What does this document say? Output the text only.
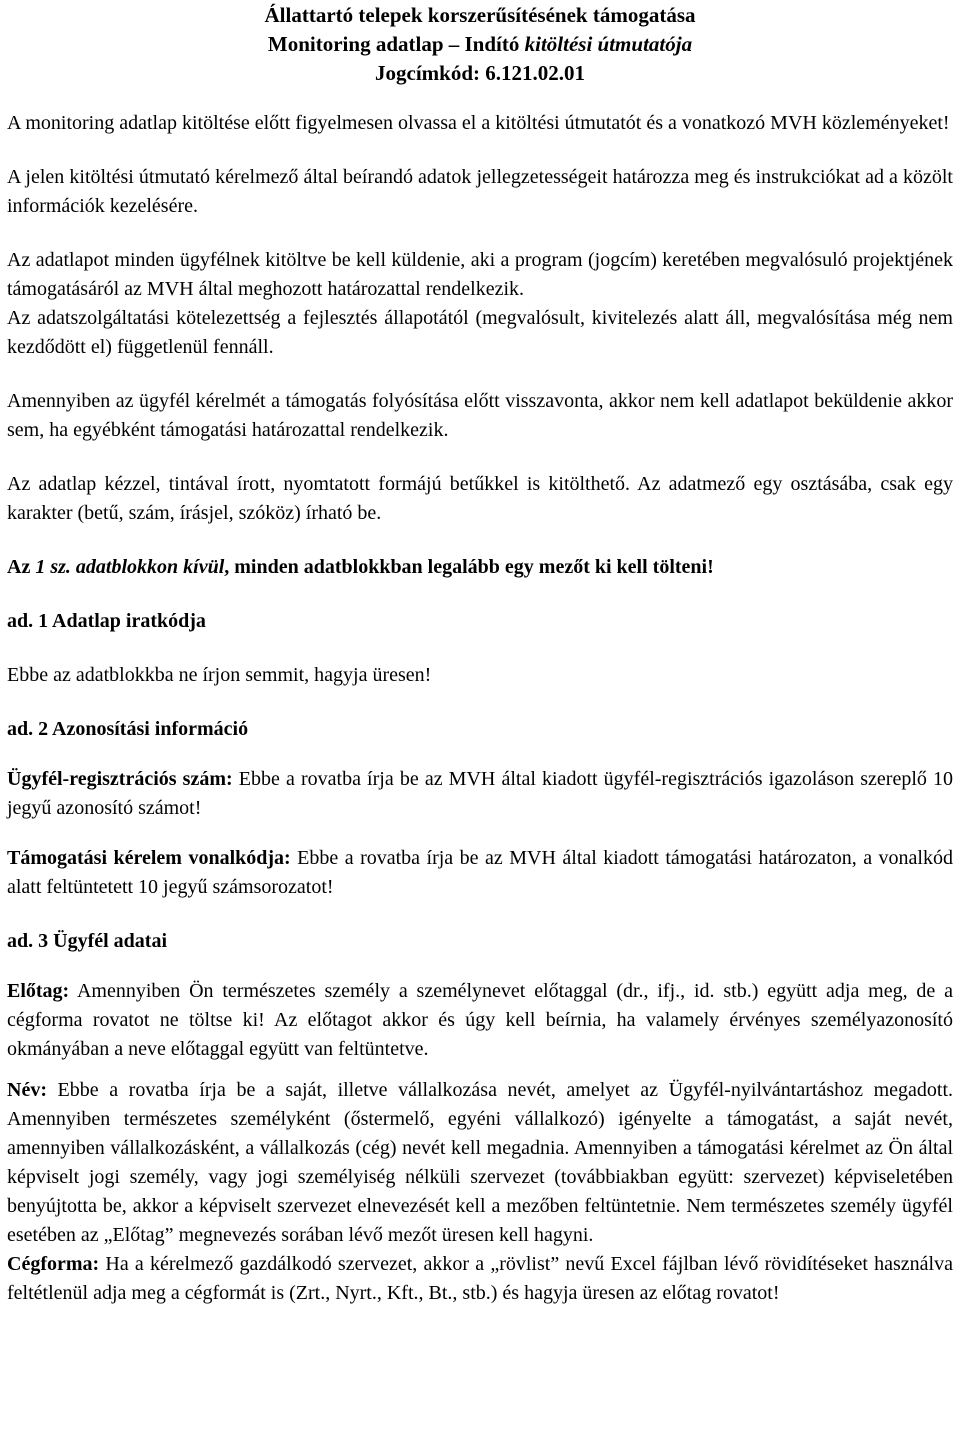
Állattartó telepek korszerűsítésének támogatása
Monitoring adatlap – Indító kitöltési útmutatója
Jogcímkód: 6.121.02.01

A monitoring adatlap kitöltése előtt figyelmesen olvassa el a kitöltési útmutatót és a vonatkozó MVH közleményeket!

A jelen kitöltési útmutató kérelmező által beírandó adatok jellegzetességeit határozza meg és instrukciókat ad a közölt információk kezelésére.

Az adatlapot minden ügyfélnek kitöltve be kell küldenie, aki a program (jogcím) keretében megvalósuló projektjének támogatásáról az MVH által meghozott határozattal rendelkezik.

Az adatszolgáltatási kötelezettség a fejlesztés állapotától (megvalósult, kivitelezés alatt áll, megvalósítása még nem kezdődött el) függetlenül fennáll.

Amennyiben az ügyfél kérelmét a támogatás folyósítása előtt visszavonta, akkor nem kell adatlapot beküldenie akkor sem, ha egyébként támogatási határozattal rendelkezik.

Az adatlap kézzel, tintával írott, nyomtatott formájú betűkkel is kitölthető. Az adatmező egy osztásába, csak egy karakter (betű, szám, írásjel, szóköz) írható be.

Az 1 sz. adatblokkon kívül, minden adatblokkban legalább egy mezőt ki kell tölteni!

ad. 1 Adatlap iratkódja

Ebbe az adatblokkba ne írjon semmit, hagyja üresen!

ad. 2 Azonosítási információ

Ügyfél-regisztrációs szám: Ebbe a rovatba írja be az MVH által kiadott ügyfél-regisztrációs igazoláson szereplő 10 jegyű azonosító számot!

Támogatási kérelem vonalkódja: Ebbe a rovatba írja be az MVH által kiadott támogatási határozaton, a vonalkód alatt feltüntetett 10 jegyű számsorozatot!

ad. 3 Ügyfél adatai

Előtag: Amennyiben Ön természetes személy a személynevet előtaggal (dr., ifj., id. stb.) együtt adja meg, de a cégforma rovatot ne töltse ki! Az előtagot akkor és úgy kell beírnia, ha valamely érvényes személyazonosító okmányában a neve előtaggal együtt van feltüntetve.

Név: Ebbe a rovatba írja be a saját, illetve vállalkozása nevét, amelyet az Ügyfél-nyilvántartáshoz megadott. Amennyiben természetes személyként (őstermelő, egyéni vállalkozó) igényelte a támogatást, a saját nevét, amennyiben vállalkozásként, a vállalkozás (cég) nevét kell megadnia. Amennyiben a támogatási kérelmet az Ön által képviselt jogi személy, vagy jogi személyiség nélküli szervezet (továbbiakban együtt: szervezet) képviseletében benyújtotta be, akkor a képviselt szervezet elnevezését kell a mezőben feltüntetnie. Nem természetes személy ügyfél esetében az „Előtag” megnevezés sorában lévő mezőt üresen kell hagyni.

Cégforma: Ha a kérelmező gazdálkodó szervezet, akkor a „rövlist” nevű Excel fájlban lévő rövidítéseket használva feltétlenül adja meg a cégformát is (Zrt., Nyrt., Kft., Bt., stb.) és hagyja üresen az előtag rovatot!
